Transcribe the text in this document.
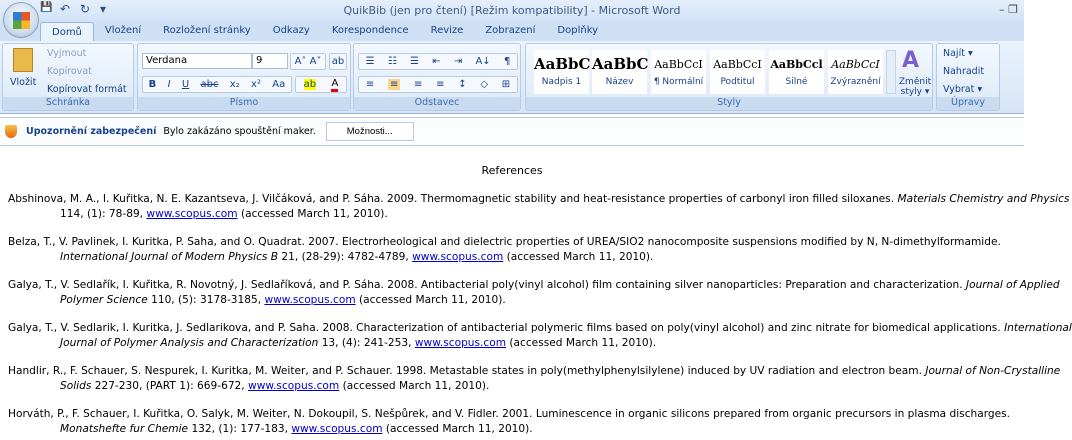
QuikBib (jen pro čtení) [Režim kompatibility] - Microsoft Word	– ❐
💾 ↶ ↻ ▾
Domů	Vložení	Rozložení stránky	Odkazy	Korespondence	Revize	Zobrazení	Doplňky
Vložit
Vyjmout
Kopírovat
Kopírovat formát
Schránka
Verdana	9	A˄
A˅ ab
B I U abc x₂ x² Aa ab A
Písmo
☰ ☷ ☰ ⇤ ⇥ A↓ ¶
≡ ≡ ≡ ≡ ↕ ◇ ⊞
Odstavec
AaBbC
Nadpis 1
AaBbC
Název
AaBbCcI
¶ Normální
AaBbCcI
Podtitul
AaBbCcl
Silné
AaBbCcI
Zvýraznění
A
Změnit styly ▾
Styly
Najít ▾
Nahradit
Vybrat ▾
Úpravy
Upozornění zabezpečení Bylo zakázáno spouštění maker.	Možnosti...
References
Abshinova, M. A., I. Kuřitka, N. E. Kazantseva, J. Vilčáková, and P. Sáha. 2009. Thermomagnetic stability and heat-resistance properties of carbonyl iron filled siloxanes. Materials Chemistry and Physics
114, (1): 78-89, www.scopus.com (accessed March 11, 2010).
Belza, T., V. Pavlinek, I. Kuritka, P. Saha, and O. Quadrat. 2007. Electrorheological and dielectric properties of UREA/SIO2 nanocomposite suspensions modified by N, N-dimethylformamide.
International Journal of Modern Physics B 21, (28-29): 4782-4789, www.scopus.com (accessed March 11, 2010).
Galya, T., V. Sedlařík, I. Kuřitka, R. Novotný, J. Sedlaříková, and P. Sáha. 2008. Antibacterial poly(vinyl alcohol) film containing silver nanoparticles: Preparation and characterization. Journal of Applied
Polymer Science 110, (5): 3178-3185, www.scopus.com (accessed March 11, 2010).
Galya, T., V. Sedlarik, I. Kuritka, J. Sedlarikova, and P. Saha. 2008. Characterization of antibacterial polymeric films based on poly(vinyl alcohol) and zinc nitrate for biomedical applications. International
Journal of Polymer Analysis and Characterization 13, (4): 241-253, www.scopus.com (accessed March 11, 2010).
Handlir, R., F. Schauer, S. Nespurek, I. Kuritka, M. Weiter, and P. Schauer. 1998. Metastable states in poly(methylphenylsilylene) induced by UV radiation and electron beam. Journal of Non-Crystalline
Solids 227-230, (PART 1): 669-672, www.scopus.com (accessed March 11, 2010).
Horváth, P., F. Schauer, I. Kuřitka, O. Salyk, M. Weiter, N. Dokoupil, S. Nešpůrek, and V. Fidler. 2001. Luminescence in organic silicons prepared from organic precursors in plasma discharges.
Monatshefte fur Chemie 132, (1): 177-183, www.scopus.com (accessed March 11, 2010).
